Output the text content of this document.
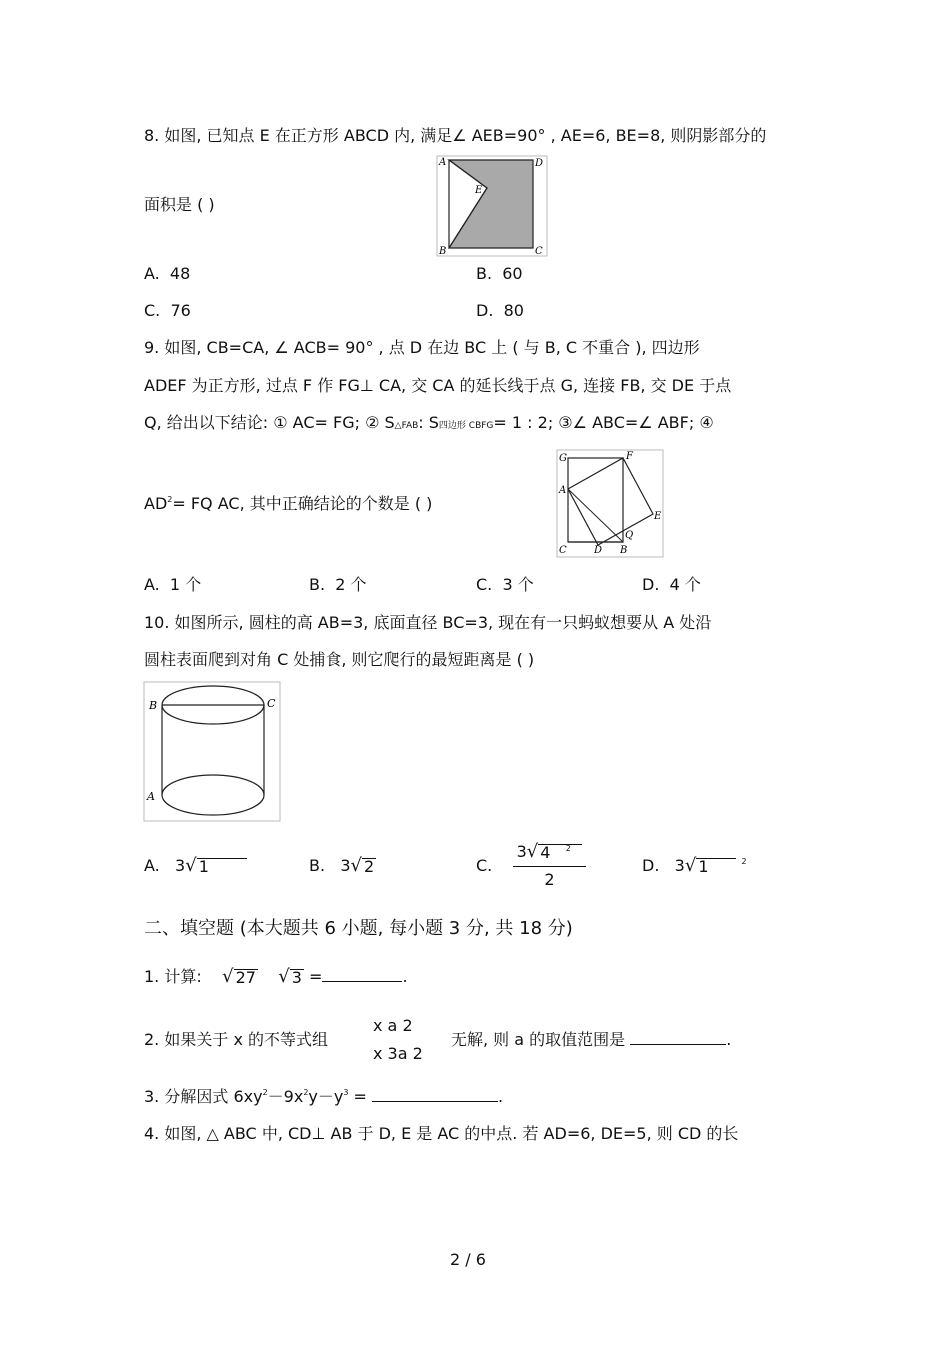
8. 如图, 已知点 E 在正方形 ABCD 内, 满足∠ AEB=90° , AE=6, BE=8, 则阴影部分的
面积是 ( )
A	D
E
B	C
A. 48	B. 60
C. 76	D. 80
9. 如图, CB=CA, ∠ ACB= 90° , 点 D 在边 BC 上 ( 与 B, C 不重合 ), 四边形
ADEF 为正方形, 过点 F 作 FG⊥ CA, 交 CA 的延长线于点 G, 连接 FB, 交 DE 于点
Q, 给出以下结论: ① AC= FG; ② S△FAB: S四边形 CBFG= 1 : 2; ③∠ ABC=∠ ABF; ④
G	F
A
E
Q
C	D B
$AD^2=$ FQ AC, 其中正确结论的个数是 ( )
A. 1 个	B. 2 个	C. 3 个	D. 4 个
10. 如图所示, 圆柱的高 AB=3, 底面直径 BC=3, 现在有一只蚂蚁想要从 A 处沿
圆柱表面爬到对角 C 处捕食, 则它爬行的最短距离是 ( )
B	C
A
A. 3 √ 1	B. 3 √ 2	C. $\frac{3 √ 4 ^2}{2}$	D. 3 √ 1	$^2$
二、填空题 (本大题共 6 小题, 每小题 3 分, 共 18 分)
1. 计算: √ 27
√ 3 =	.
2. 如果关于 x 的不等式组
x a 2
x 3a 2
无解, 则 a 的取值范围是	.
3. 分解因式 $6xy^2-9x^2y-y^3$ =	.
4. 如图, △ ABC 中, CD⊥ AB 于 D, E 是 AC 的中点. 若 AD=6, DE=5, 则 CD 的长
2 / 6
